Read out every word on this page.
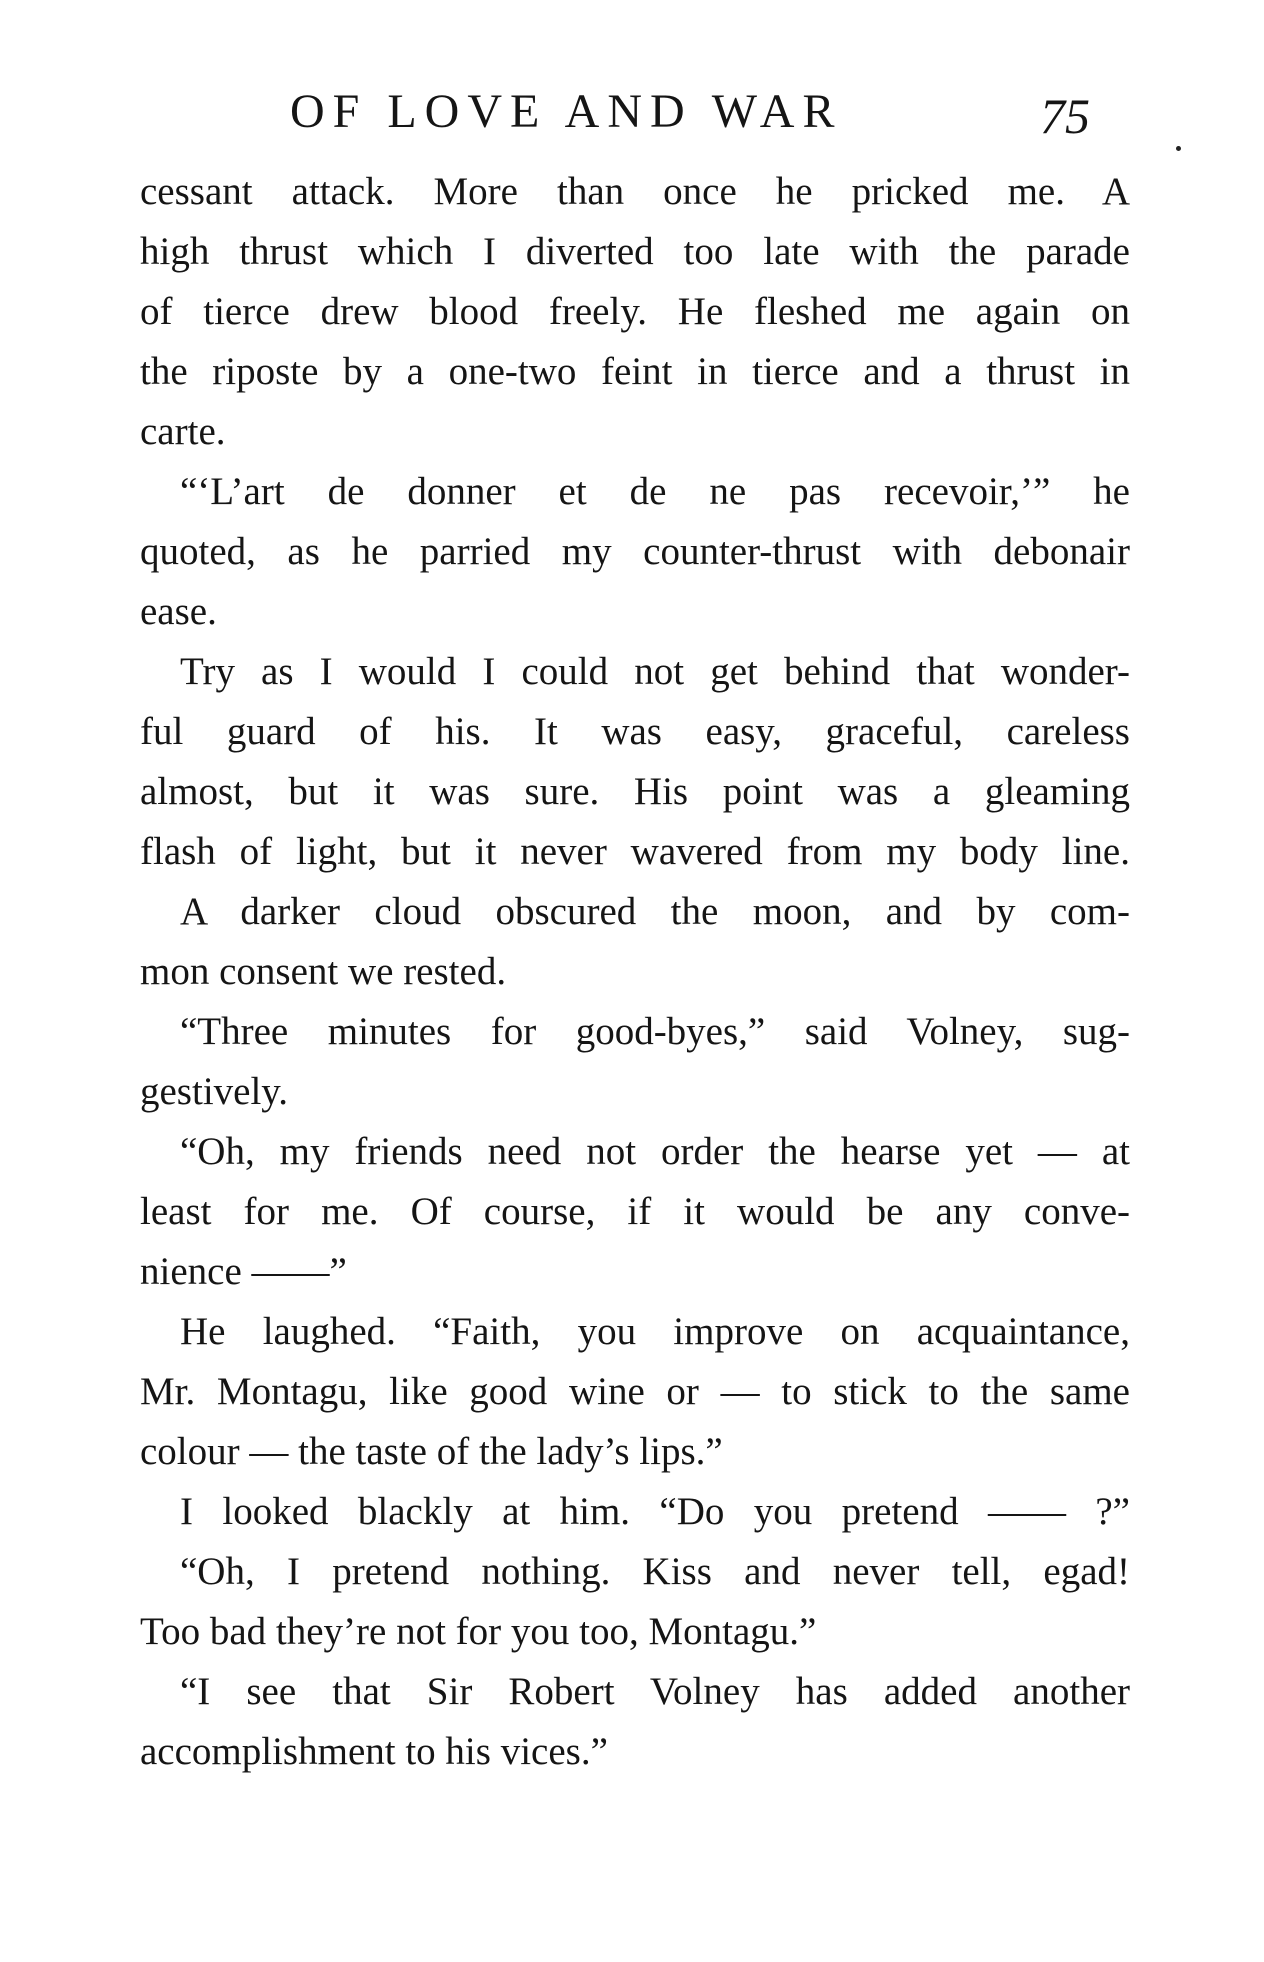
OF LOVE AND WAR	75
cessant attack. More than once he pricked me. A
high thrust which I diverted too late with the parade
of tierce drew blood freely. He fleshed me again on
the riposte by a one-two feint in tierce and a thrust in
carte.
“‘L’art de donner et de ne pas recevoir,’” he
quoted, as he parried my counter-thrust with debonair
ease.
Try as I would I could not get behind that wonder-
ful guard of his. It was easy, graceful, careless
almost, but it was sure. His point was a gleaming
flash of light, but it never wavered from my body line.
A darker cloud obscured the moon, and by com-
mon consent we rested.
“Three minutes for good-byes,” said Volney, sug-
gestively.
“Oh, my friends need not order the hearse yet — at
least for me. Of course, if it would be any conve-
nience ——”
He laughed. “Faith, you improve on acquaintance,
Mr. Montagu, like good wine or — to stick to the same
colour — the taste of the lady’s lips.”
I looked blackly at him. “Do you pretend —— ?”
“Oh, I pretend nothing. Kiss and never tell, egad!
Too bad they’re not for you too, Montagu.”
“I see that Sir Robert Volney has added another
accomplishment to his vices.”
